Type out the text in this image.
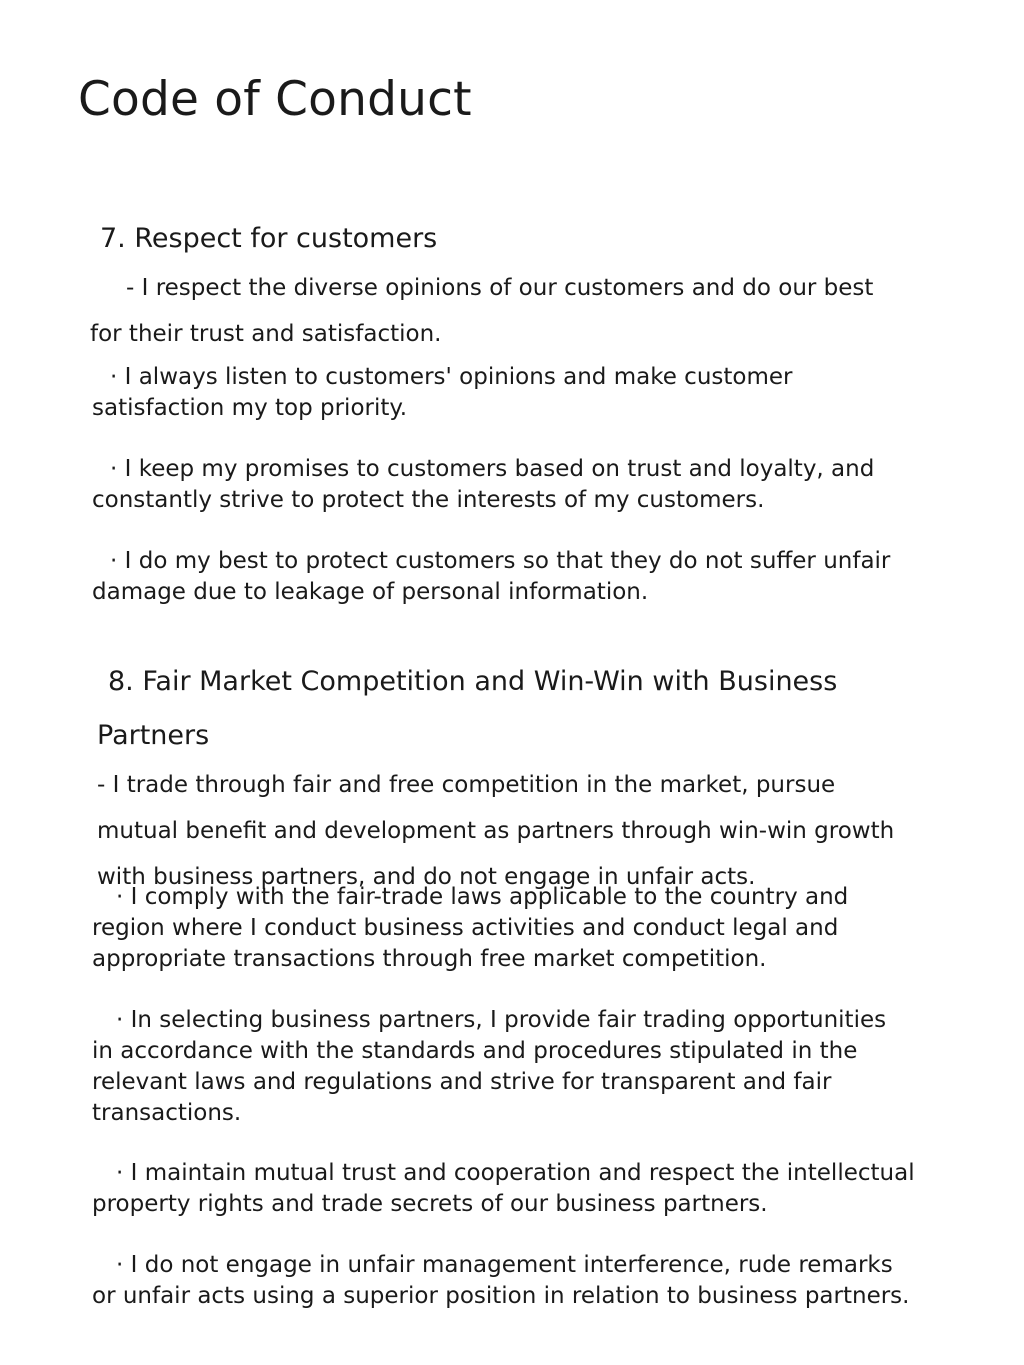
Code of Conduct
7. Respect for customers
- I respect the diverse opinions of our customers and do our best
for their trust and satisfaction.
· I always listen to customers' opinions and make customer
satisfaction my top priority.
· I keep my promises to customers based on trust and loyalty, and
constantly strive to protect the interests of my customers.
· I do my best to protect customers so that they do not suffer unfair
damage due to leakage of personal information.
8. Fair Market Competition and Win-Win with Business
Partners
- I trade through fair and free competition in the market, pursue
mutual benefit and development as partners through win-win growth
with business partners, and do not engage in unfair acts.
· I comply with the fair-trade laws applicable to the country and
region where I conduct business activities and conduct legal and
appropriate transactions through free market competition.
· In selecting business partners, I provide fair trading opportunities
in accordance with the standards and procedures stipulated in the
relevant laws and regulations and strive for transparent and fair
transactions.
· I maintain mutual trust and cooperation and respect the intellectual
property rights and trade secrets of our business partners.
· I do not engage in unfair management interference, rude remarks
or unfair acts using a superior position in relation to business partners.
